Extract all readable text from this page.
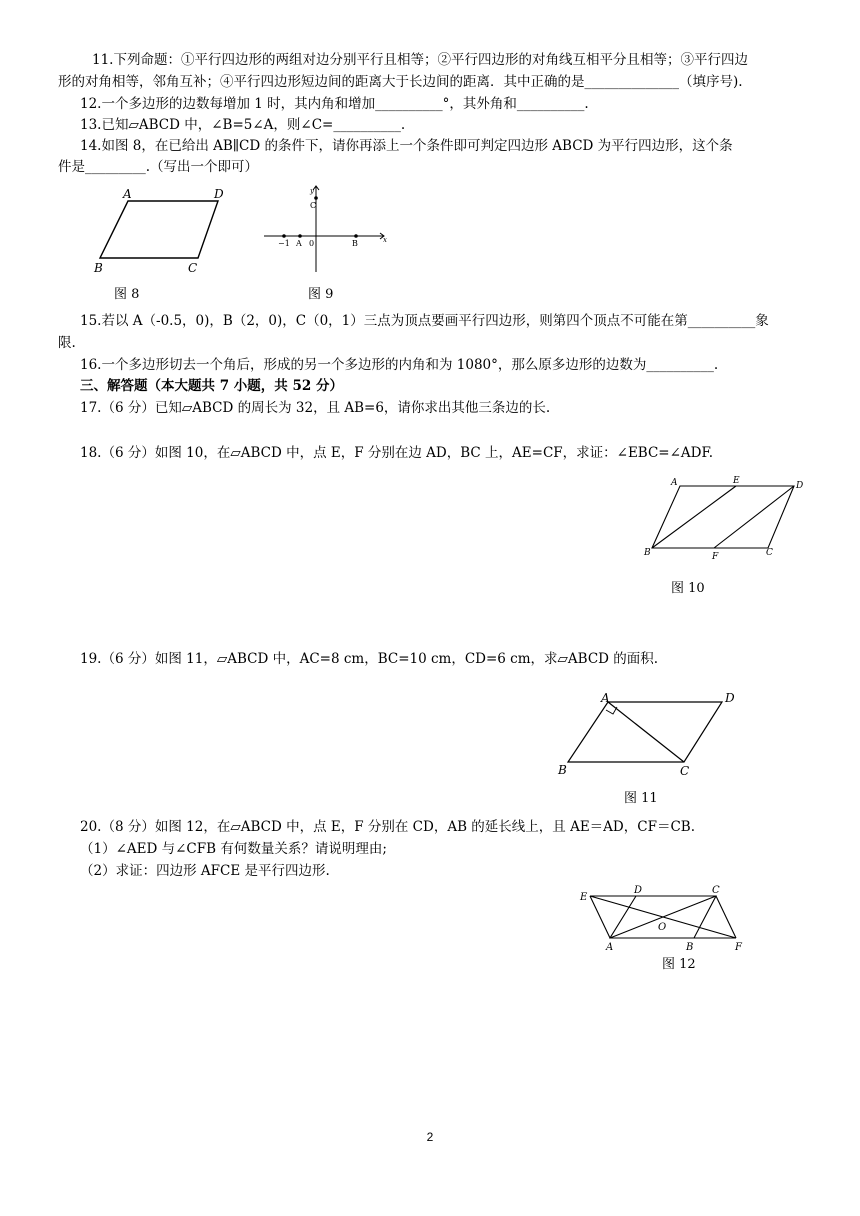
11.下列命题：①平行四边形的两组对边分别平行且相等；②平行四边形的对角线互相平分且相等；③平行四边
形的对角相等，邻角互补；④平行四边形短边间的距离大于长边间的距离．其中正确的是______________（填序号).
12.一个多边形的边数每增加 1 时，其内角和增加__________°，其外角和__________.
13.已知▱ABCD 中，∠B=5∠A，则∠C=__________.
14.如图 8，在已给出 AB∥CD 的条件下，请你再添上一个条件即可判定四边形 ABCD 为平行四边形，这个条
件是_________.（写出一个即可）
A	D
B	C
图 8
y
C
x
−1 A 0	B
图 9
15.若以 A（-0.5，0)，B（2，0)，C（0，1）三点为顶点要画平行四边形，则第四个顶点不可能在第__________象
限.
16.一个多边形切去一个角后，形成的另一个多边形的内角和为 1080°，那么原多边形的边数为__________.
三、解答题（本大题共 7 小题，共 52 分）
17.（6 分）已知▱ABCD 的周长为 32，且 AB=6，请你求出其他三条边的长.
18.（6 分）如图 10，在▱ABCD 中，点 E，F 分别在边 AD，BC 上，AE=CF，求证：∠EBC=∠ADF.
A	E	D
B	F	C
图 10
19.（6 分）如图 11，▱ABCD 中，AC=8 cm，BC=10 cm，CD=6 cm，求▱ABCD 的面积.
A	D
B	C
图 11
20.（8 分）如图 12，在▱ABCD 中，点 E，F 分别在 CD，AB 的延长线上，且 AE＝AD，CF＝CB.
（1）∠AED 与∠CFB 有何数量关系？请说明理由;
（2）求证：四边形 AFCE 是平行四边形.
E
D	C
O
A	B	F
图 12
2
